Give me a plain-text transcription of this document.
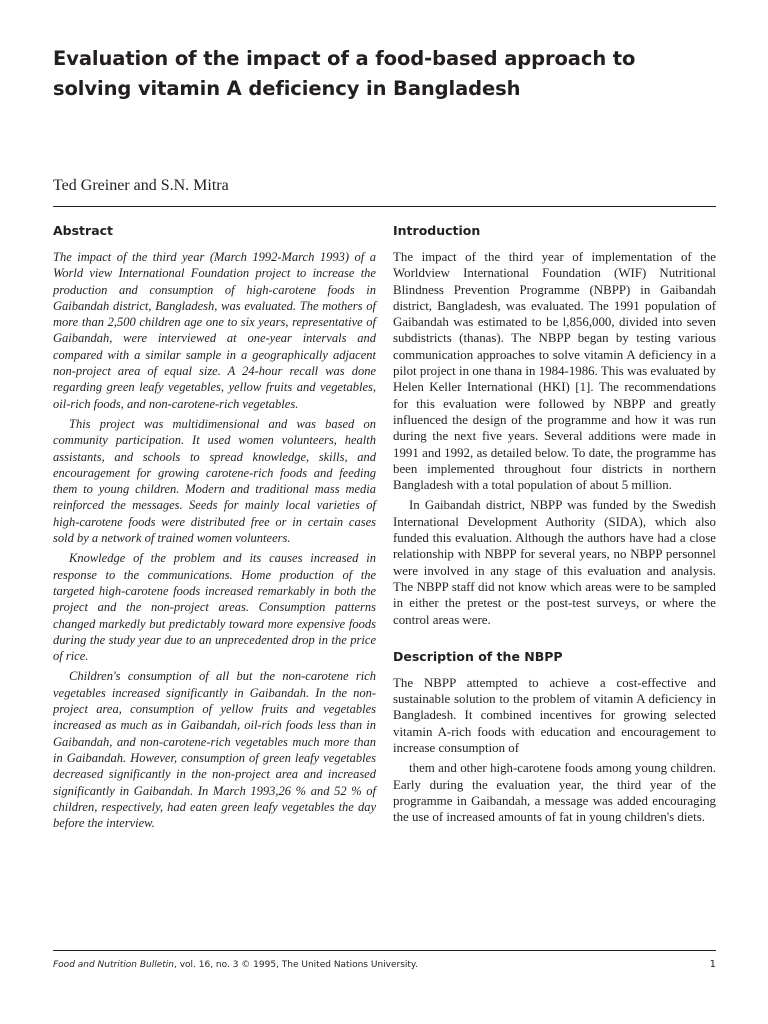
Evaluation of the impact of a food-based approach to solving vitamin A deficiency in Bangladesh

Ted Greiner and S.N. Mitra

Abstract

The impact of the third year (March 1992-March 1993) of a World view International Foundation project to increase the production and consumption of high-carotene foods in Gaibandah district, Bangladesh, was evaluated. The mothers of more than 2,500 children age one to six years, representative of Gaibandah, were interviewed at one-year intervals and compared with a similar sample in a geographically adjacent non-project area of equal size. A 24-hour recall was done regarding green leafy vegetables, yellow fruits and vegetables, oil-rich foods, and non-carotene-rich vegetables.

This project was multidimensional and was based on community participation. It used women volunteers, health assistants, and schools to spread knowledge, skills, and encouragement for growing carotene-rich foods and feeding them to young children. Modern and traditional mass media reinforced the messages. Seeds for mainly local varieties of high-carotene foods were distributed free or in certain cases sold by a network of trained women volunteers.

Knowledge of the problem and its causes increased in response to the communications. Home production of the targeted high-carotene foods increased remarkably in both the project and the non-project areas. Consumption patterns changed markedly but predictably toward more expensive foods during the study year due to an unprecedented drop in the price of rice.

Children's consumption of all but the non-carotene rich vegetables increased significantly in Gaibandah. In the non-project area, consumption of yellow fruits and vegetables increased as much as in Gaibandah, oil-rich foods less than in Gaibandah, and non-carotene-rich vegetables much more than in Gaibandah. However, consumption of green leafy vegetables decreased significantly in the non-project area and increased significantly in Gaibandah. In March 1993,26 % and 52 % of children, respectively, had eaten green leafy vegetables the day before the interview.

Introduction

The impact of the third year of implementation of the Worldview International Foundation (WIF) Nutritional Blindness Prevention Programme (NBPP) in Gaibandah district, Bangladesh, was evaluated. The 1991 population of Gaibandah was estimated to be l,856,000, divided into seven subdistricts (thanas). The NBPP began by testing various communication approaches to solve vitamin A deficiency in a pilot project in one thana in 1984-1986. This was evaluated by Helen Keller International (HKI) [1]. The recommendations for this evaluation were followed by NBPP and greatly influenced the design of the programme and how it was run during the next five years. Several additions were made in 1991 and 1992, as detailed below. To date, the programme has been implemented throughout four districts in northern Bangladesh with a total population of about 5 million.

In Gaibandah district, NBPP was funded by the Swedish International Development Authority (SIDA), which also funded this evaluation. Although the authors have had a close relationship with NBPP for several years, no NBPP personnel were involved in any stage of this evaluation and analysis. The NBPP staff did not know which areas were to be sampled in either the pretest or the post-test surveys, or where the control areas were.

Description of the NBPP

The NBPP attempted to achieve a cost-effective and sustainable solution to the problem of vitamin A deficiency in Bangladesh. It combined incentives for growing selected vitamin A-rich foods with education and encouragement to increase consumption of

them and other high-carotene foods among young children. Early during the evaluation year, the third year of the programme in Gaibandah, a message was added encouraging the use of increased amounts of fat in young children's diets.

Food and Nutrition Bulletin, vol. 16, no. 3 © 1995, The United Nations University.	1
